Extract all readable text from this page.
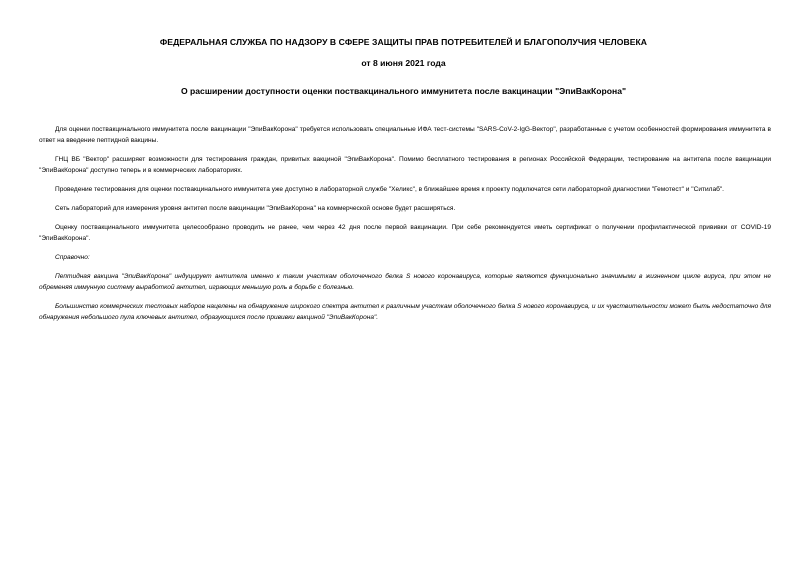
ФЕДЕРАЛЬНАЯ СЛУЖБА ПО НАДЗОРУ В СФЕРЕ ЗАЩИТЫ ПРАВ ПОТРЕБИТЕЛЕЙ И БЛАГОПОЛУЧИЯ ЧЕЛОВЕКА
от 8 июня 2021 года
О расширении доступности оценки поствакцинального иммунитета после вакцинации "ЭпиВакКорона"

Для оценки поствакцинального иммунитета после вакцинации "ЭпиВакКорона" требуется использовать специальные ИФА тест-системы "SARS-CoV-2-IgG-Вектор", разработанные с учетом особенностей формирования иммунитета в ответ на введение пептидной вакцины.

ГНЦ ВБ "Вектор" расширяет возможности для тестирования граждан, привитых вакциной "ЭпиВакКорона". Помимо бесплатного тестирования в регионах Российской Федерации, тестирование на антитела после вакцинации "ЭпиВакКорона" доступно теперь и в коммерческих лабораториях.

Проведение тестирования для оценки поствакцинального иммунитета уже доступно в лабораторной службе "Хеликс", в ближайшее время к проекту подключатся сети лабораторной диагностики "Гемотест" и "Ситилаб".

Сеть лабораторий для измерения уровня антител после вакцинации "ЭпиВакКорона" на коммерческой основе будет расширяться.

Оценку поствакцинального иммунитета целесообразно проводить не ранее, чем через 42 дня после первой вакцинации. При себе рекомендуется иметь сертификат о получении профилактической прививки от COVID-19 "ЭпиВакКорона".

Справочно:

Пептидная вакцина "ЭпиВакКорона" индуцирует антитела именно к таким участкам оболочечного белка S нового коронавируса, которые являются функционально значимыми в жизненном цикле вируса, при этом не обременяя иммунную систему выработкой антител, играющих меньшую роль в борьбе с болезнью.

Большинство коммерческих тестовых наборов нацелены на обнаружение широкого спектра антител к различным участкам оболочечного белка S нового коронавируса, и их чувствительности может быть недостаточно для обнаружения небольшого пула ключевых антител, образующихся после прививки вакциной "ЭпиВакКорона".
